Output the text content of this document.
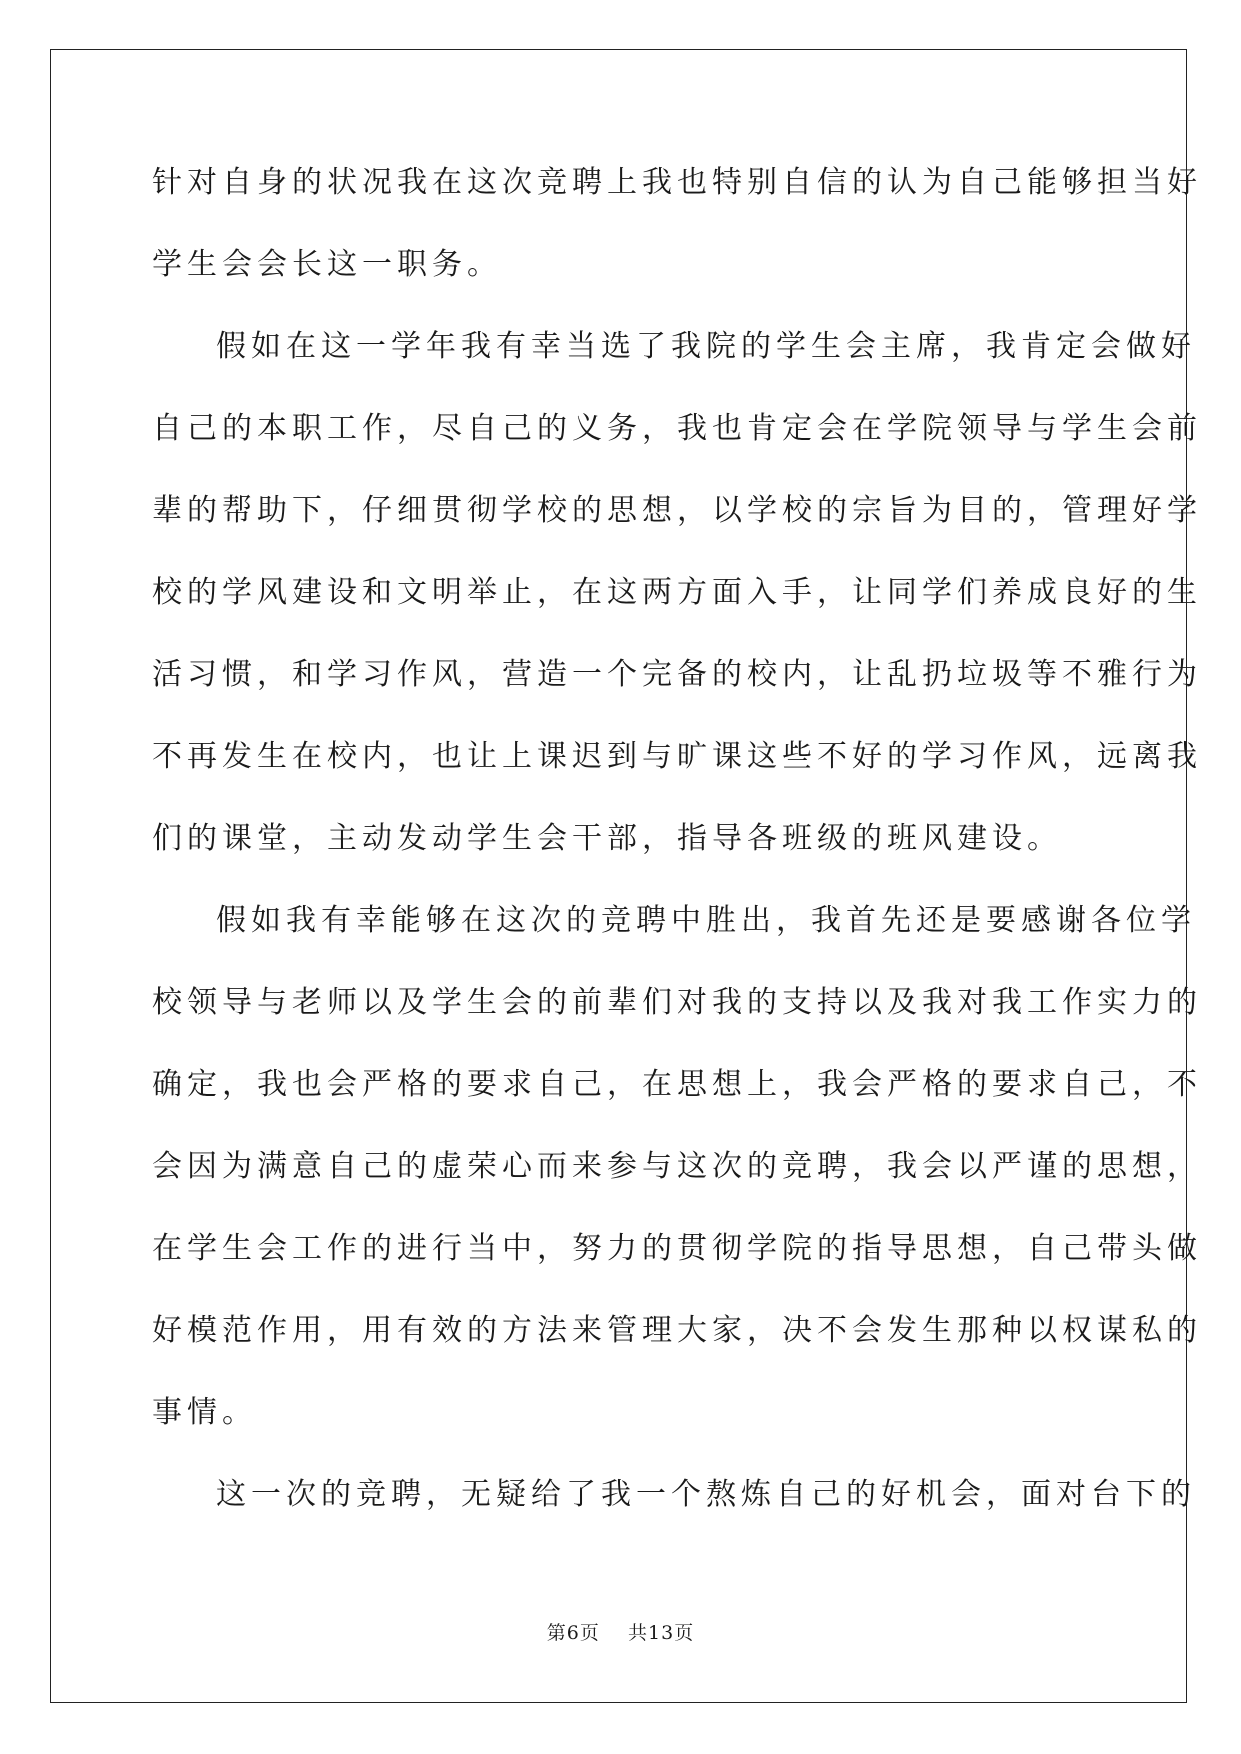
针对自身的状况我在这次竞聘上我也特别自信的认为自己能够担当好
学生会会长这一职务。
假如在这一学年我有幸当选了我院的学生会主席，我肯定会做好
自己的本职工作，尽自己的义务，我也肯定会在学院领导与学生会前
辈的帮助下，仔细贯彻学校的思想，以学校的宗旨为目的，管理好学
校的学风建设和文明举止，在这两方面入手，让同学们养成良好的生
活习惯，和学习作风，营造一个完备的校内，让乱扔垃圾等不雅行为
不再发生在校内，也让上课迟到与旷课这些不好的学习作风，远离我
们的课堂，主动发动学生会干部，指导各班级的班风建设。
假如我有幸能够在这次的竞聘中胜出，我首先还是要感谢各位学
校领导与老师以及学生会的前辈们对我的支持以及我对我工作实力的
确定，我也会严格的要求自己，在思想上，我会严格的要求自己，不
会因为满意自己的虚荣心而来参与这次的竞聘，我会以严谨的思想，
在学生会工作的进行当中，努力的贯彻学院的指导思想，自己带头做
好模范作用，用有效的方法来管理大家，决不会发生那种以权谋私的
事情。
这一次的竞聘，无疑给了我一个熬炼自己的好机会，面对台下的
第6页 共13页
